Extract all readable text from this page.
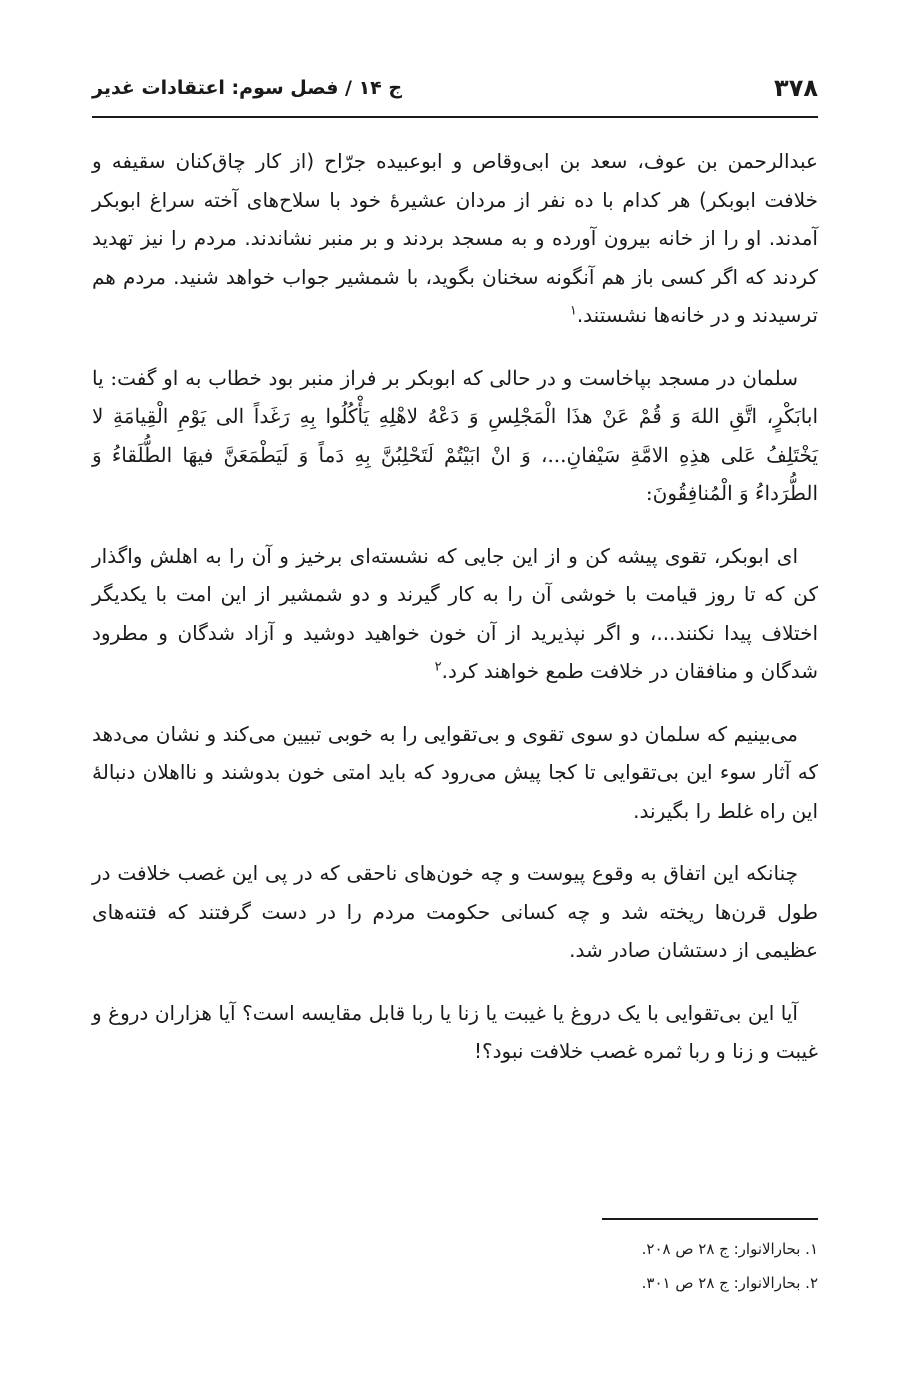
۳۷۸
ج ۱۴ / فصل سوم: اعتقادات غدیر

عبدالرحمن بن عوف، سعد بن ابی‌وقاص و ابوعبیده جرّاح (از کار چاق‌کنان سقیفه و خلافت ابوبکر) هر کدام با ده نفر از مردان عشیرهٔ خود با سلاح‌های آخته سراغ ابوبکر آمدند. او را از خانه بیرون آورده و به مسجد بردند و بر منبر نشاندند. مردم را نیز تهدید کردند که اگر کسی باز هم آنگونه سخنان بگوید، با شمشیر جواب خواهد شنید. مردم هم ترسیدند و در خانه‌ها نشستند.$^۱$

سلمان در مسجد بپاخاست و در حالی که ابوبکر بر فراز منبر بود خطاب به او گفت: یا ابابَکْرٍ، اتَّقِ اللهَ وَ قُمْ عَنْ هذَا الْمَجْلِسِ وَ دَعْهُ لاهْلِهِ یَأْکُلُوا بِهِ رَغَداً الی یَوْمِ الْقِیامَةِ لا یَخْتَلِفُ عَلی هذِهِ الامَّةِ سَیْفانِ...، وَ انْ ابَیْتُمْ لَتَحْلِبُنَّ بِهِ دَماً وَ لَیَطْمَعَنَّ فیهَا الطُّلَقاءُ وَ الطُّرَداءُ وَ الْمُنافِقُونَ:

ای ابوبکر، تقوی پیشه کن و از این جایی که نشسته‌ای برخیز و آن را به اهلش واگذار کن که تا روز قیامت با خوشی آن را به کار گیرند و دو شمشیر از این امت با یکدیگر اختلاف پیدا نکنند...، و اگر نپذیرید از آن خون خواهید دوشید و آزاد شدگان و مطرود شدگان و منافقان در خلافت طمع خواهند کرد.$^۲$

می‌بینیم که سلمان دو سوی تقوی و بی‌تقوایی را به خوبی تبیین می‌کند و نشان می‌دهد که آثار سوء این بی‌تقوایی تا کجا پیش می‌رود که باید امتی خون بدوشند و نااهلان دنبالهٔ این راه غلط را بگیرند.

چنانکه این اتفاق به وقوع پیوست و چه خون‌های ناحقی که در پی این غصب خلافت در طول قرن‌ها ریخته شد و چه کسانی حکومت مردم را در دست گرفتند که فتنه‌های عظیمی از دستشان صادر شد.

آیا این بی‌تقوایی با یک دروغ یا غیبت یا زنا یا ربا قابل مقایسه است؟ آیا هزاران دروغ و غیبت و زنا و ربا ثمره غصب خلافت نبود؟!

۱. بحارالانوار: ج ۲۸ ص ۲۰۸.

۲. بحارالانوار: ج ۲۸ ص ۳۰۱.
